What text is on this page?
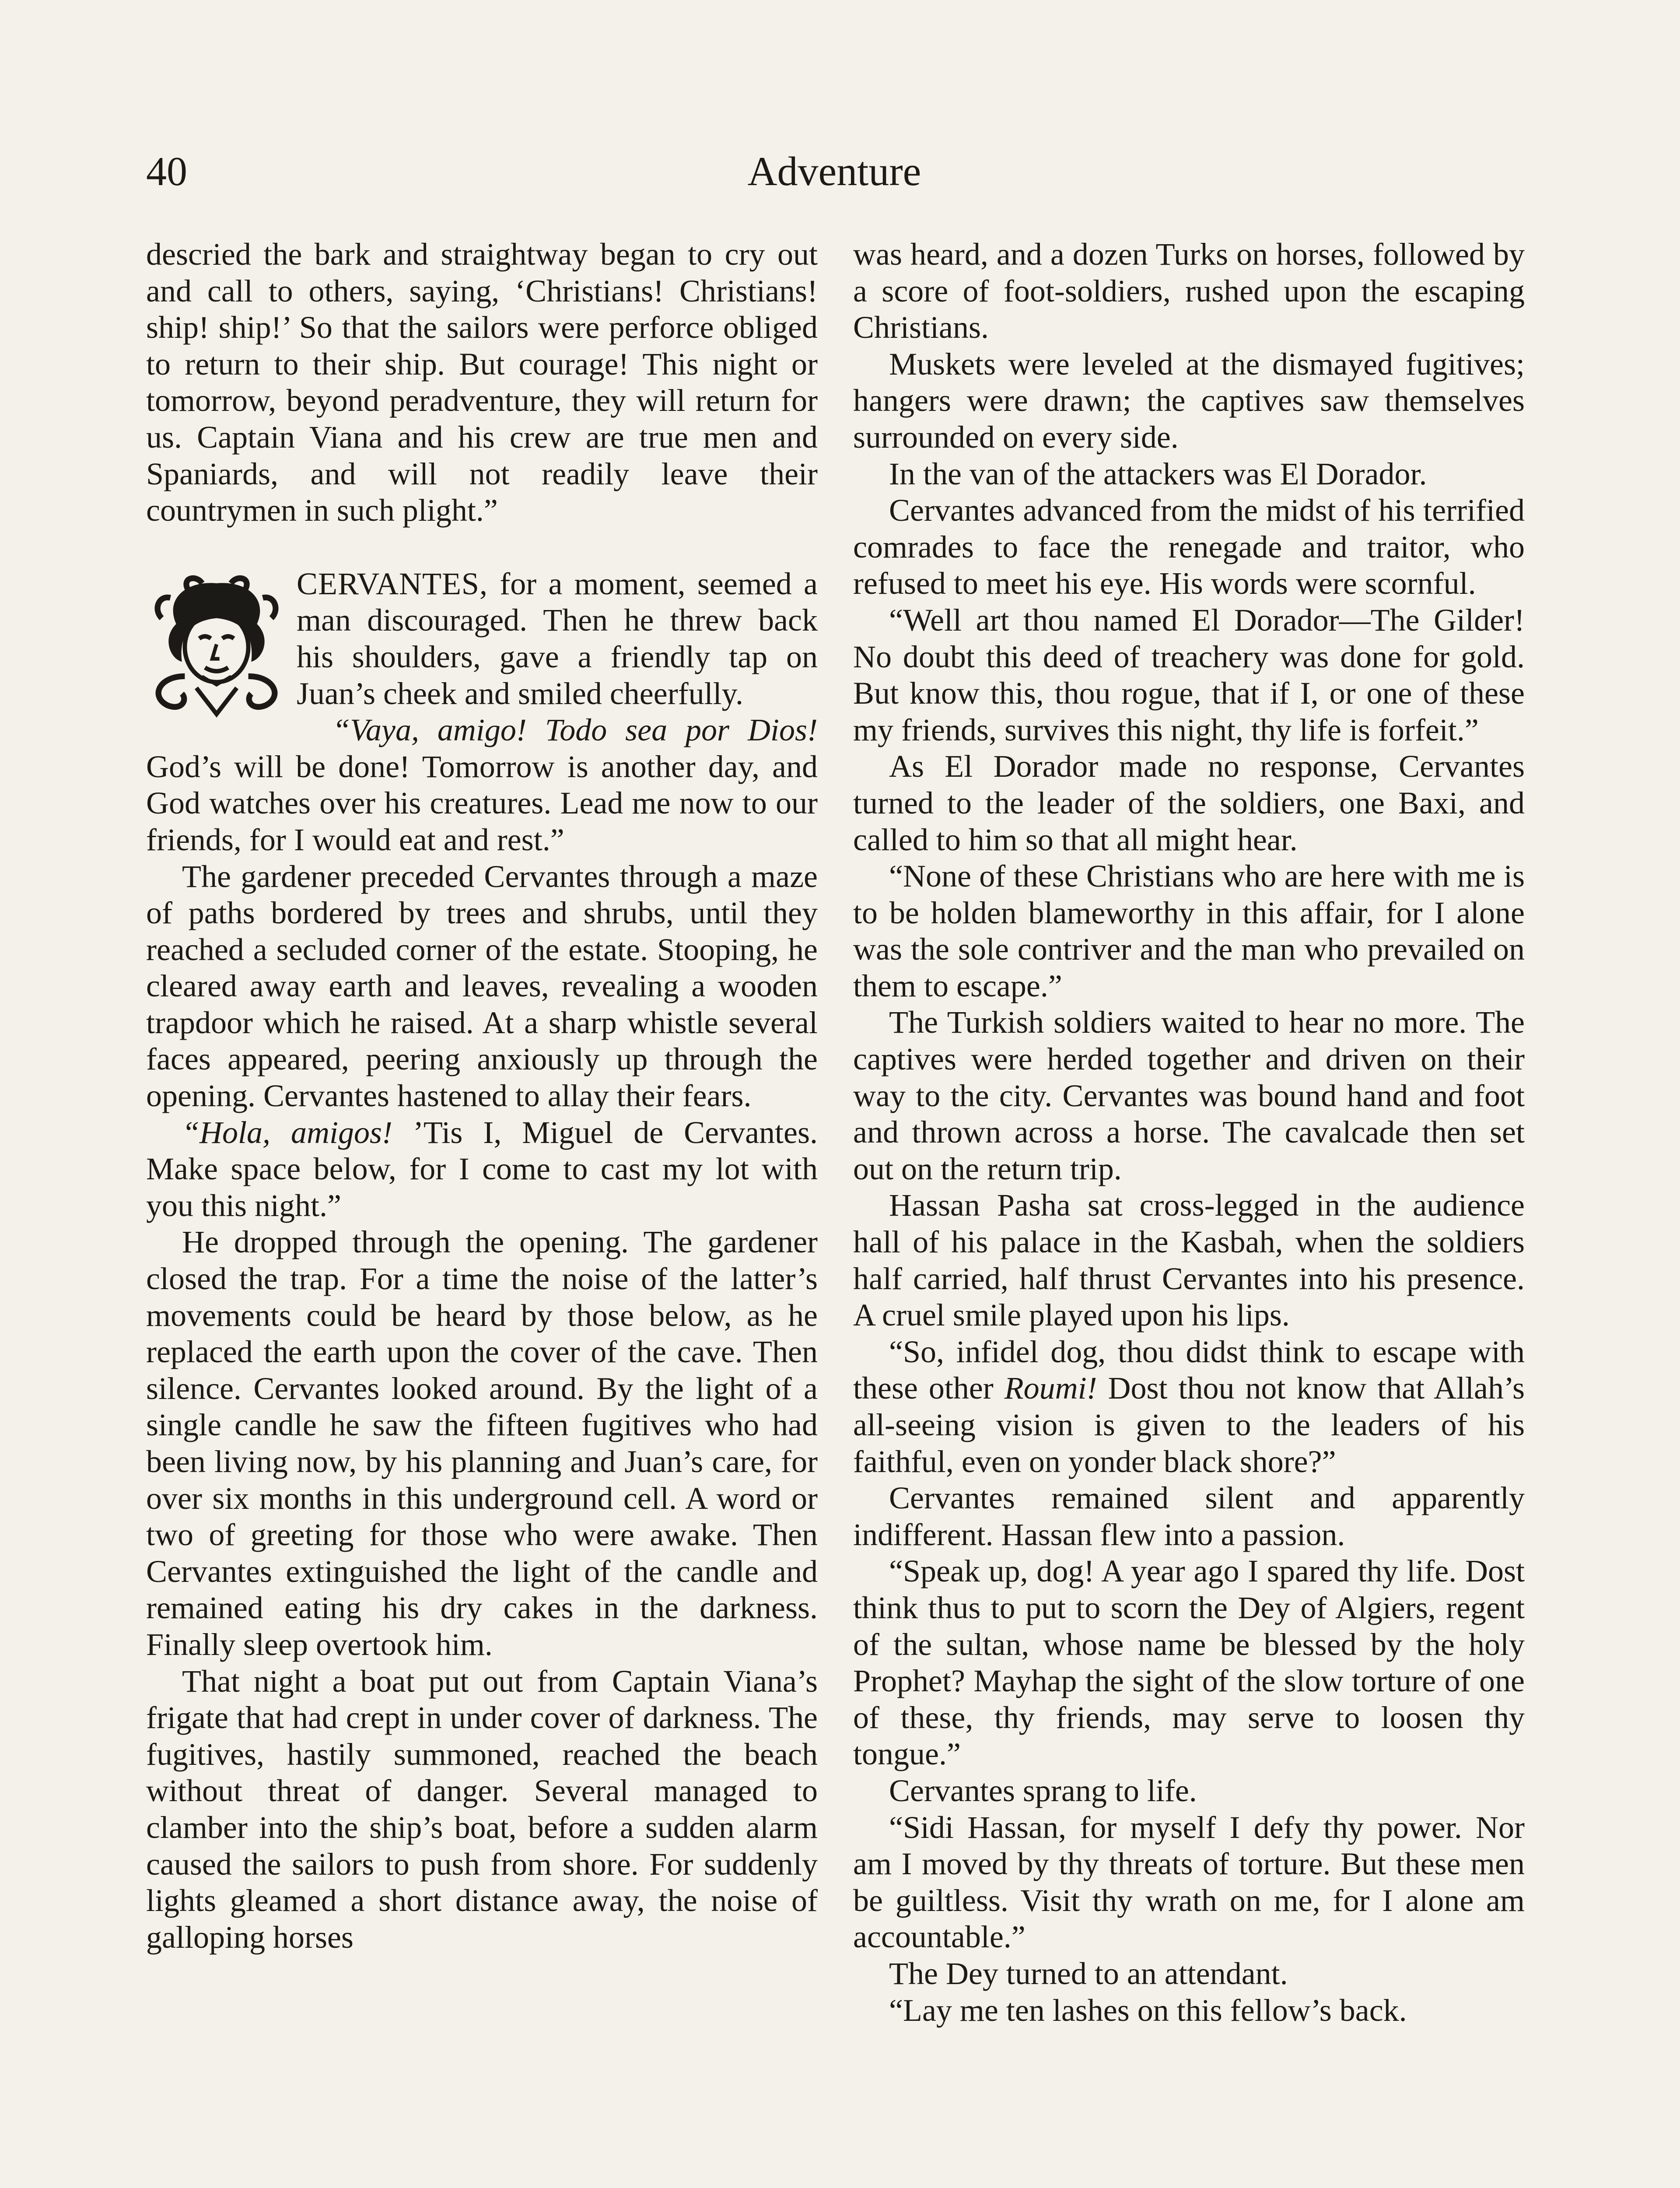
40	Adventure

descried the bark and straightway began to cry out and call to others, saying, ‘Christians! Christians! ship! ship!’ So that the sailors were perforce obliged to return to their ship. But courage! This night or tomorrow, beyond peradventure, they will return for us. Captain Viana and his crew are true men and Spaniards, and will not readily leave their countrymen in such plight.”

CERVANTES, for a moment, seemed a man discouraged. Then he threw back his shoulders, gave a friendly tap on Juan’s cheek and smiled cheerfully.

“Vaya, amigo! Todo sea por Dios! God’s will be done! Tomorrow is another day, and God watches over his creatures. Lead me now to our friends, for I would eat and rest.”

The gardener preceded Cervantes through a maze of paths bordered by trees and shrubs, until they reached a secluded corner of the estate. Stooping, he cleared away earth and leaves, revealing a wooden trapdoor which he raised. At a sharp whistle several faces appeared, peering anxiously up through the opening. Cervantes hastened to allay their fears.

“Hola, amigos! ’Tis I, Miguel de Cervantes. Make space below, for I come to cast my lot with you this night.”

He dropped through the opening. The gardener closed the trap. For a time the noise of the latter’s movements could be heard by those below, as he replaced the earth upon the cover of the cave. Then silence. Cervantes looked around. By the light of a single candle he saw the fifteen fugitives who had been living now, by his planning and Juan’s care, for over six months in this underground cell. A word or two of greeting for those who were awake. Then Cervantes extinguished the light of the candle and remained eating his dry cakes in the darkness. Finally sleep overtook him.

That night a boat put out from Captain Viana’s frigate that had crept in under cover of darkness. The fugitives, hastily summoned, reached the beach without threat of danger. Several managed to clamber into the ship’s boat, before a sudden alarm caused the sailors to push from shore. For suddenly lights gleamed a short distance away, the noise of galloping horses

was heard, and a dozen Turks on horses, followed by a score of foot-soldiers, rushed upon the escaping Christians.

Muskets were leveled at the dismayed fugitives; hangers were drawn; the captives saw themselves surrounded on every side.

In the van of the attackers was El Dorador.

Cervantes advanced from the midst of his terrified comrades to face the renegade and traitor, who refused to meet his eye. His words were scornful.

“Well art thou named El Dorador—The Gilder! No doubt this deed of treachery was done for gold. But know this, thou rogue, that if I, or one of these my friends, survives this night, thy life is forfeit.”

As El Dorador made no response, Cervantes turned to the leader of the soldiers, one Baxi, and called to him so that all might hear.

“None of these Christians who are here with me is to be holden blameworthy in this affair, for I alone was the sole contriver and the man who prevailed on them to escape.”

The Turkish soldiers waited to hear no more. The captives were herded together and driven on their way to the city. Cervantes was bound hand and foot and thrown across a horse. The cavalcade then set out on the return trip.

Hassan Pasha sat cross-legged in the audience hall of his palace in the Kasbah, when the soldiers half carried, half thrust Cervantes into his presence. A cruel smile played upon his lips.

“So, infidel dog, thou didst think to escape with these other Roumi! Dost thou not know that Allah’s all-seeing vision is given to the leaders of his faithful, even on yonder black shore?”

Cervantes remained silent and apparently indifferent. Hassan flew into a passion.

“Speak up, dog! A year ago I spared thy life. Dost think thus to put to scorn the Dey of Algiers, regent of the sultan, whose name be blessed by the holy Prophet? Mayhap the sight of the slow torture of one of these, thy friends, may serve to loosen thy tongue.”

Cervantes sprang to life.

“Sidi Hassan, for myself I defy thy power. Nor am I moved by thy threats of torture. But these men be guiltless. Visit thy wrath on me, for I alone am accountable.”

The Dey turned to an attendant.

“Lay me ten lashes on this fellow’s back.
